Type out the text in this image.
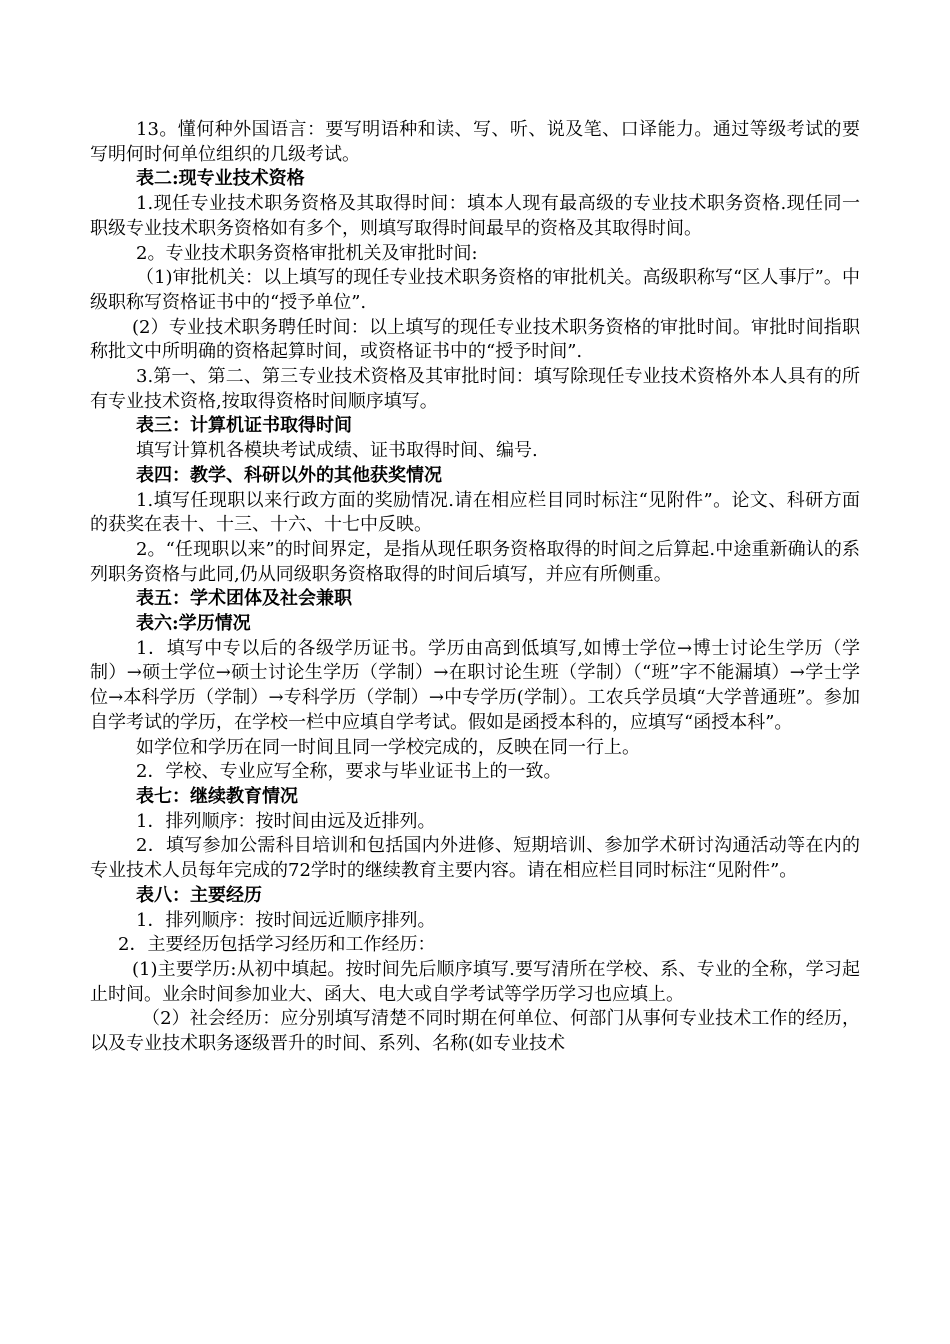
13。懂何种外国语言：要写明语种和读、写、听、说及笔、口译能力。通过等级考试的要写明何时何单位组织的几级考试。

表二:现专业技术资格

1.现任专业技术职务资格及其取得时间：填本人现有最高级的专业技术职务资格.现任同一职级专业技术职务资格如有多个，则填写取得时间最早的资格及其取得时间。

2。专业技术职务资格审批机关及审批时间:

（1)审批机关：以上填写的现任专业技术职务资格的审批机关。高级职称写“区人事厅”。中级职称写资格证书中的“授予单位”.

(2）专业技术职务聘任时间：以上填写的现任专业技术职务资格的审批时间。审批时间指职称批文中所明确的资格起算时间，或资格证书中的“授予时间”.

3.第一、第二、第三专业技术资格及其审批时间：填写除现任专业技术资格外本人具有的所有专业技术资格,按取得资格时间顺序填写。

表三：计算机证书取得时间

填写计算机各模块考试成绩、证书取得时间、编号.

表四：教学、科研以外的其他获奖情况

1.填写任现职以来行政方面的奖励情况.请在相应栏目同时标注“见附件”。论文、科研方面的获奖在表十、十三、十六、十七中反映。

2。“任现职以来”的时间界定，是指从现任职务资格取得的时间之后算起.中途重新确认的系列职务资格与此同,仍从同级职务资格取得的时间后填写，并应有所侧重。

表五：学术团体及社会兼职

表六:学历情况

1．填写中专以后的各级学历证书。学历由高到低填写,如博士学位→博士讨论生学历（学制）→硕士学位→硕士讨论生学历（学制）→在职讨论生班（学制）（“班”字不能漏填）→学士学位→本科学历（学制）→专科学历（学制）→中专学历(学制）。工农兵学员填“大学普通班”。参加自学考试的学历，在学校一栏中应填自学考试。假如是函授本科的，应填写“函授本科”。

如学位和学历在同一时间且同一学校完成的，反映在同一行上。

2．学校、专业应写全称，要求与毕业证书上的一致。

表七：继续教育情况

1．排列顺序：按时间由远及近排列。

2．填写参加公需科目培训和包括国内外进修、短期培训、参加学术研讨沟通活动等在内的专业技术人员每年完成的72学时的继续教育主要内容。请在相应栏目同时标注“见附件”。

表八：主要经历

1．排列顺序：按时间远近顺序排列。

2．主要经历包括学习经历和工作经历：

(1)主要学历:从初中填起。按时间先后顺序填写.要写清所在学校、系、专业的全称，学习起止时间。业余时间参加业大、函大、电大或自学考试等学历学习也应填上。

（2）社会经历：应分别填写清楚不同时期在何单位、何部门从事何专业技术工作的经历，以及专业技术职务逐级晋升的时间、系列、名称(如专业技术
